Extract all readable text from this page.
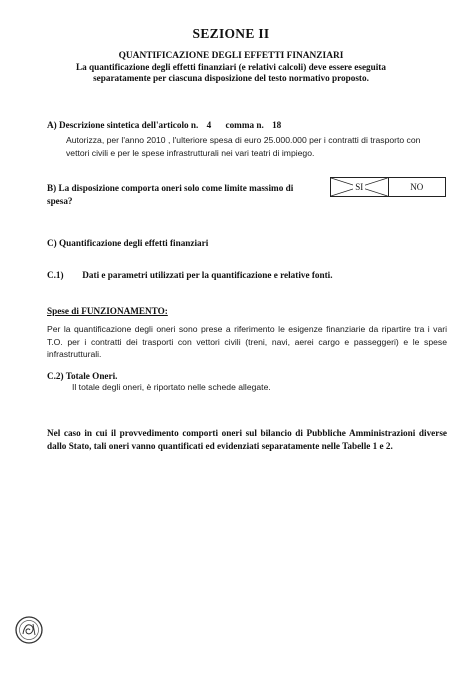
SEZIONE II
QUANTIFICAZIONE DEGLI EFFETTI FINANZIARI
La quantificazione degli effetti finanziari (e relativi calcoli) deve essere eseguita
separatamente per ciascuna disposizione del testo normativo proposto.
A) Descrizione sintetica dell'articolo n. 4 comma n. 18

Autorizza, per l'anno 2010 , l'ulteriore spesa di euro 25.000.000 per i contratti di trasporto con vettori civili e per le spese infrastrutturali nei vari teatri di impiego.

B) La disposizione comporta oneri solo come limite massimo di spesa?
SI	NO
C) Quantificazione degli effetti finanziari
C.1) Dati e parametri utilizzati per la quantificazione e relative fonti.
Spese di FUNZIONAMENTO:

Per la quantificazione degli oneri sono prese a riferimento le esigenze finanziarie da ripartire tra i vari T.O. per i contratti dei trasporti con vettori civili (treni, navi, aerei cargo e passeggeri) e le spese infrastrutturali.

C.2) Totale Oneri.

Il totale degli oneri, è riportato nelle schede allegate.

Nel caso in cui il provvedimento comporti oneri sul bilancio di Pubbliche Amministrazioni diverse dallo Stato, tali oneri vanno quantificati ed evidenziati separatamente nelle Tabelle 1 e 2.
